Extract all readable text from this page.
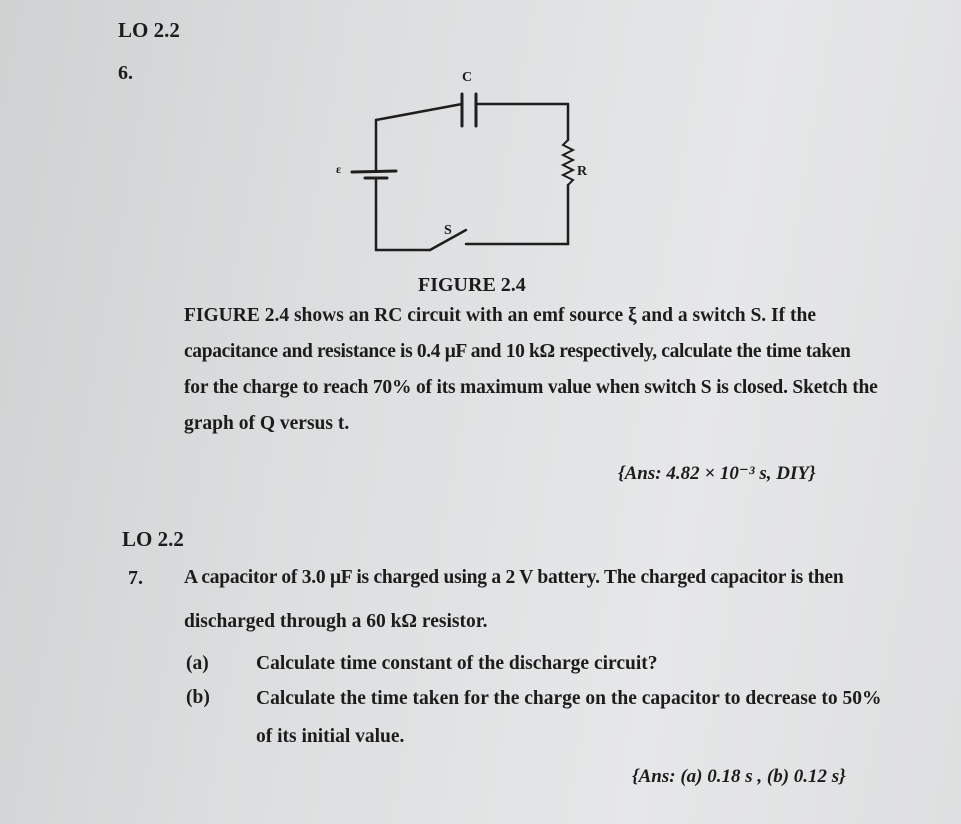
LO 2.2
6.	C
ε	R
S
FIGURE 2.4
FIGURE 2.4 shows an RC circuit with an emf source ξ and a switch S. If the
capacitance and resistance is 0.4 μF and 10 kΩ respectively, calculate the time taken
for the charge to reach 70% of its maximum value when switch S is closed. Sketch the
graph of Q versus t.
{Ans: 4.82 × 10⁻³ s, DIY}
LO 2.2
7. A capacitor of 3.0 μF is charged using a 2 V battery. The charged capacitor is then
discharged through a 60 kΩ resistor.
(a) Calculate time constant of the discharge circuit?
(b) Calculate the time taken for the charge on the capacitor to decrease to 50%
of its initial value.
{Ans: (a) 0.18 s , (b) 0.12 s}
